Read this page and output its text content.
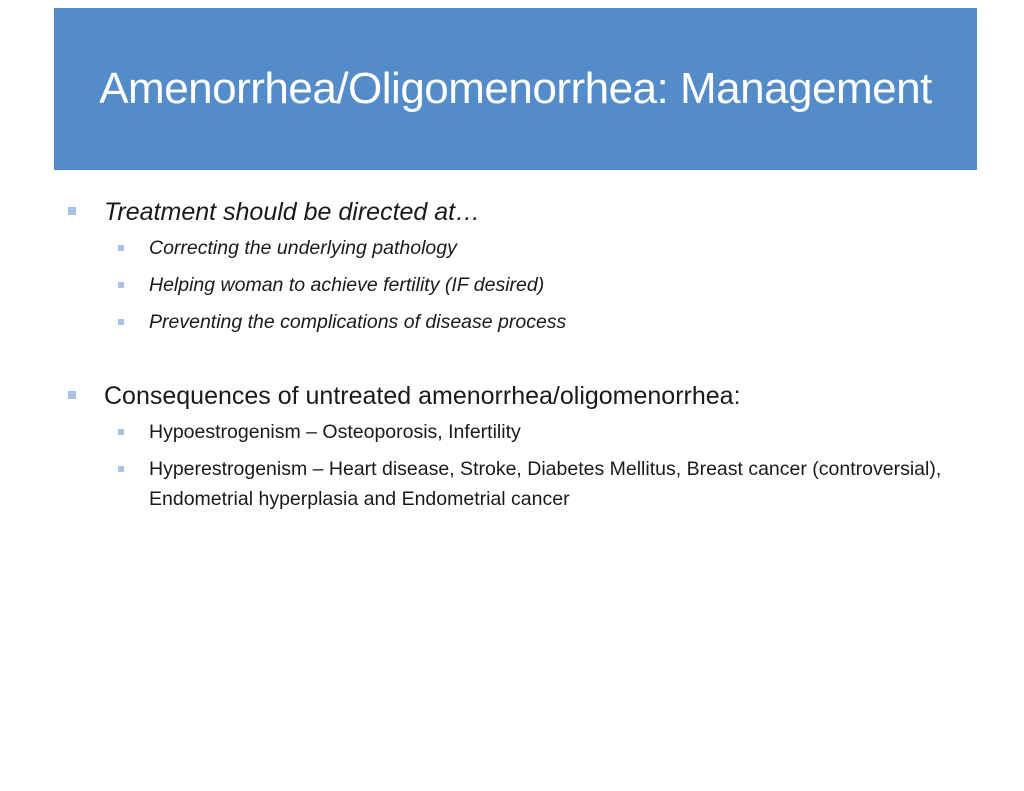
Amenorrhea/Oligomenorrhea: Management

Treatment should be directed at…

Correcting the underlying pathology

Helping woman to achieve fertility (IF desired)

Preventing the complications of disease process

Consequences of untreated amenorrhea/oligomenorrhea:

Hypoestrogenism – Osteoporosis, Infertility

Hyperestrogenism – Heart disease, Stroke, Diabetes Mellitus, Breast cancer (controversial), Endometrial hyperplasia and Endometrial cancer
